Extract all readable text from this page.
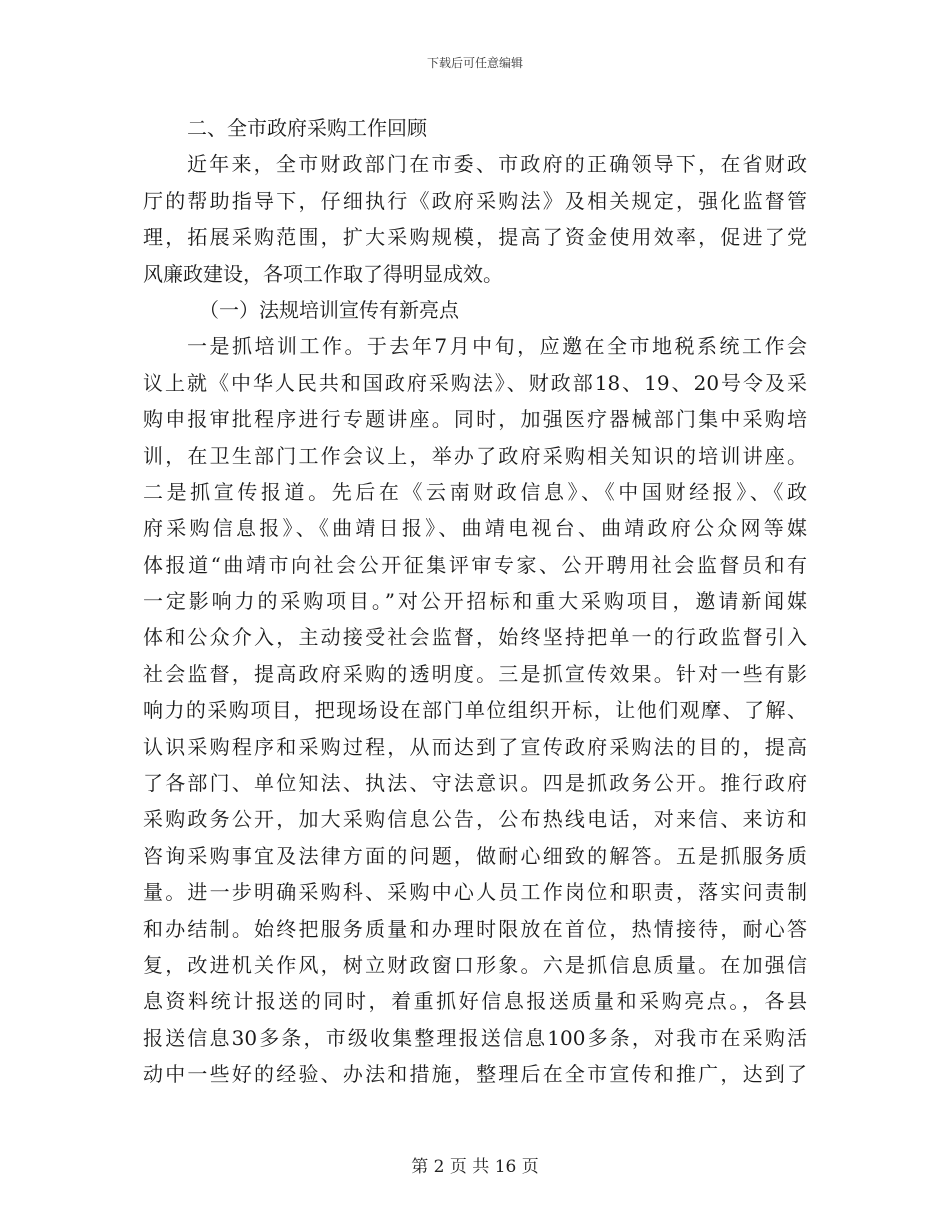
下载后可任意编辑
二、全市政府采购工作回顾
近年来，全市财政部门在市委、市政府的正确领导下，在省财政
厅的帮助指导下，仔细执行《政府采购法》及相关规定，强化监督管
理，拓展采购范围，扩大采购规模，提高了资金使用效率，促进了党
风廉政建设，各项工作取了得明显成效。
（一）法规培训宣传有新亮点
一是抓培训工作。于去年7月中旬，应邀在全市地税系统工作会
议上就《中华人民共和国政府采购法》、财政部18、19、20号令及采
购申报审批程序进行专题讲座。同时，加强医疗器械部门集中采购培
训，在卫生部门工作会议上，举办了政府采购相关知识的培训讲座。
二是抓宣传报道。先后在《云南财政信息》、《中国财经报》、《政
府采购信息报》、《曲靖日报》、曲靖电视台、曲靖政府公众网等媒
体报道“曲靖市向社会公开征集评审专家、公开聘用社会监督员和有
一定影响力的采购项目。”对公开招标和重大采购项目，邀请新闻媒
体和公众介入，主动接受社会监督，始终坚持把单一的行政监督引入
社会监督，提高政府采购的透明度。三是抓宣传效果。针对一些有影
响力的采购项目，把现场设在部门单位组织开标，让他们观摩、了解、
认识采购程序和采购过程，从而达到了宣传政府采购法的目的，提高
了各部门、单位知法、执法、守法意识。四是抓政务公开。推行政府
采购政务公开，加大采购信息公告，公布热线电话，对来信、来访和
咨询采购事宜及法律方面的问题，做耐心细致的解答。五是抓服务质
量。进一步明确采购科、采购中心人员工作岗位和职责，落实问责制
和办结制。始终把服务质量和办理时限放在首位，热情接待，耐心答
复，改进机关作风，树立财政窗口形象。六是抓信息质量。在加强信
息资料统计报送的同时，着重抓好信息报送质量和采购亮点。，各县
报送信息30多条，市级收集整理报送信息100多条，对我市在采购活
动中一些好的经验、办法和措施，整理后在全市宣传和推广，达到了
第 2 页 共 16 页
